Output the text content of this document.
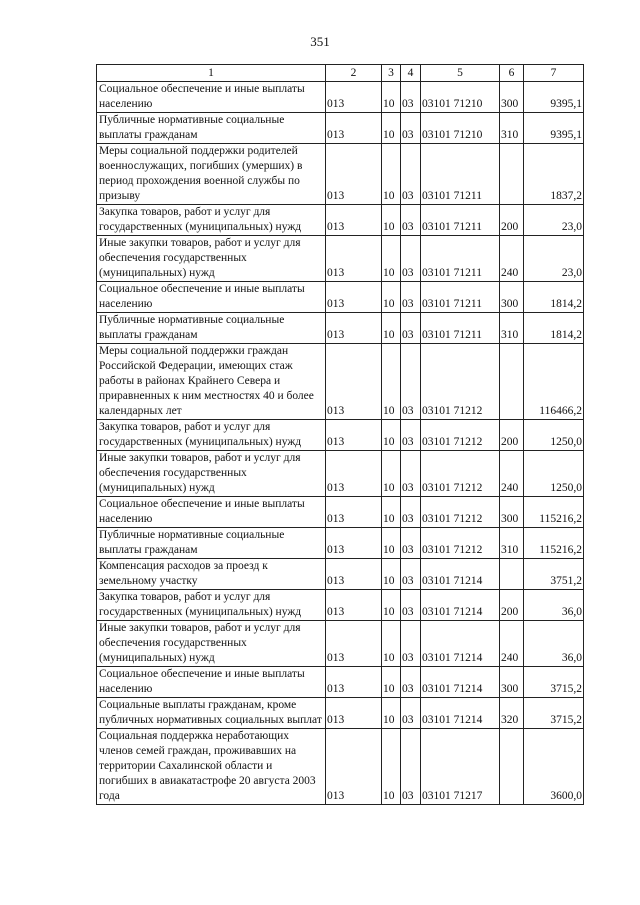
351
1	2	3	4	5	6	7
Социальное обеспечение и иные выплаты населению	013	10	03	03101 71210	300	9395,1
Публичные нормативные социальные выплаты гражданам	013	10	03	03101 71210	310	9395,1
Меры социальной поддержки родителей военнослужащих, погибших (умерших) в период прохождения военной службы по призыву	013	10	03	03101 71211		1837,2
Закупка товаров, работ и услуг для государственных (муниципальных) нужд	013	10	03	03101 71211	200	23,0
Иные закупки товаров, работ и услуг для обеспечения государственных (муниципальных) нужд	013	10	03	03101 71211	240	23,0
Социальное обеспечение и иные выплаты населению	013	10	03	03101 71211	300	1814,2
Публичные нормативные социальные выплаты гражданам	013	10	03	03101 71211	310	1814,2
Меры социальной поддержки граждан Российской Федерации, имеющих стаж работы в районах Крайнего Севера и приравненных к ним местностях 40 и более календарных лет	013	10	03	03101 71212		116466,2
Закупка товаров, работ и услуг для государственных (муниципальных) нужд	013	10	03	03101 71212	200	1250,0
Иные закупки товаров, работ и услуг для обеспечения государственных (муниципальных) нужд	013	10	03	03101 71212	240	1250,0
Социальное обеспечение и иные выплаты населению	013	10	03	03101 71212	300	115216,2
Публичные нормативные социальные выплаты гражданам	013	10	03	03101 71212	310	115216,2
Компенсация расходов за проезд к земельному участку	013	10	03	03101 71214		3751,2
Закупка товаров, работ и услуг для государственных (муниципальных) нужд	013	10	03	03101 71214	200	36,0
Иные закупки товаров, работ и услуг для обеспечения государственных (муниципальных) нужд	013	10	03	03101 71214	240	36,0
Социальное обеспечение и иные выплаты населению	013	10	03	03101 71214	300	3715,2
Социальные выплаты гражданам, кроме публичных нормативных социальных выплат	013	10	03	03101 71214	320	3715,2
Социальная поддержка неработающих членов семей граждан, проживавших на территории Сахалинской области и погибших в авиакатастрофе 20 августа 2003 года	013	10	03	03101 71217		3600,0
